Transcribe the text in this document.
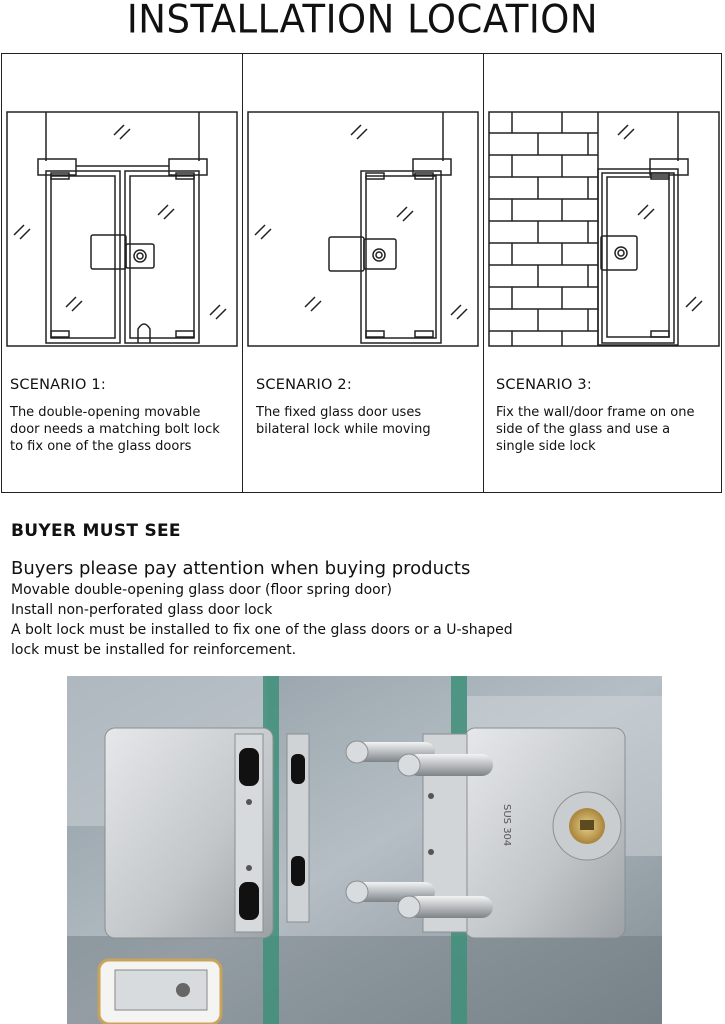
INSTALLATION LOCATION
SCENARIO 1:
The double-opening movable
door needs a matching bolt lock
to fix one of the glass doors
SCENARIO 2:
The fixed glass door uses
bilateral lock while moving
SCENARIO 3:
Fix the wall/door frame on one
side of the glass and use a
single side lock
BUYER MUST SEE
Buyers please pay attention when buying products
Movable double-opening glass door (floor spring door)
Install non-perforated glass door lock
A bolt lock must be installed to fix one of the glass doors or a U-shaped
lock must be installed for reinforcement.
SUS 304
